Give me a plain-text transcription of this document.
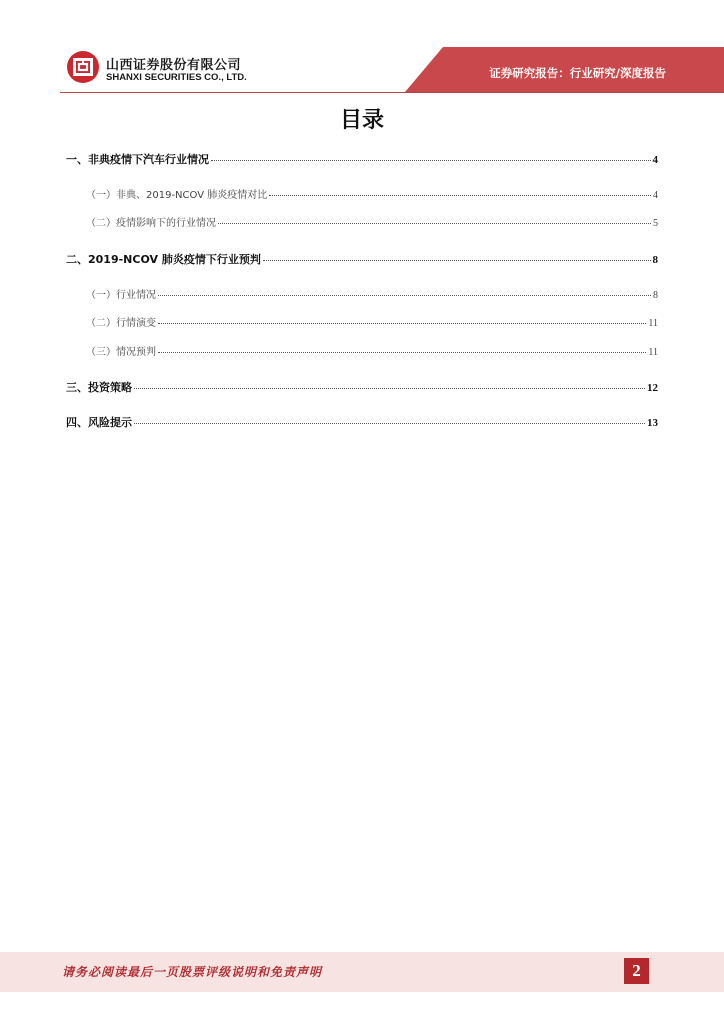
山西证券股份有限公司
SHANXI SECURITIES CO., LTD.	证券研究报告：行业研究/深度报告
目录
一、非典疫情下汽车行业情况	4
（一）非典、2019-NCOV 肺炎疫情对比	4
（二）疫情影响下的行业情况	5
二、2019-NCOV 肺炎疫情下行业预判	8
（一）行业情况	8
（二）行情演变	11
（三）情况预判	11
三、投资策略	12
四、风险提示	13
请务必阅读最后一页股票评级说明和免责声明	2
